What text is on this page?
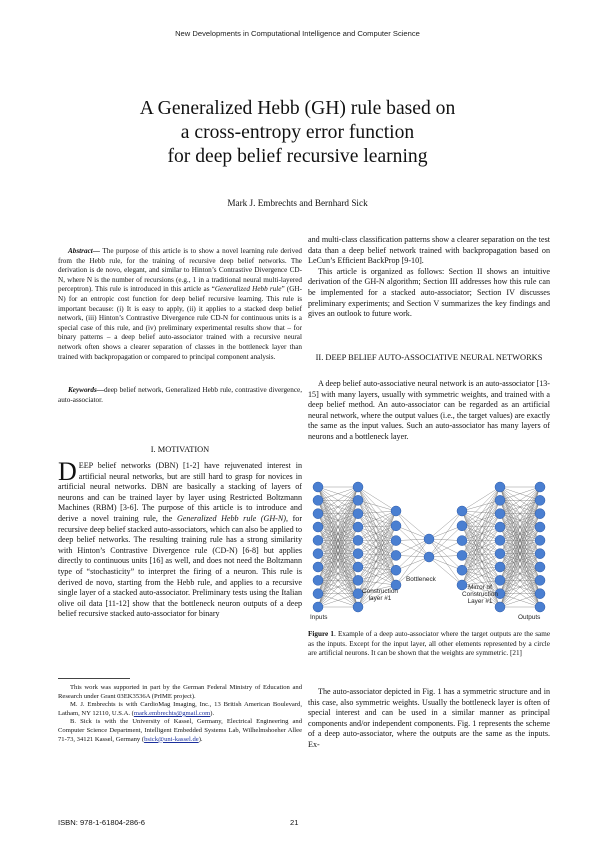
New Developments in Computational Intelligence and Computer Science
A Generalized Hebb (GH) rule based on
a cross-entropy error function
for deep belief recursive learning
Mark J. Embrechts and Bernhard Sick
Abstract— The purpose of this article is to show a novel learning rule derived from the Hebb rule, for the training of recursive deep belief networks. The derivation is de novo, elegant, and similar to Hinton’s Contrastive Divergence CD-N, where N is the number of recursions (e.g., 1 in a traditional neural multi-layered perceptron). This rule is introduced in this article as “Generalized Hebb rule” (GH-N) for an entropic cost function for deep belief recursive learning. This rule is important because: (i) It is easy to apply, (ii) it applies to a stacked deep belief network, (iii) Hinton’s Contrastive Divergence rule CD-N for continuous units is a special case of this rule, and (iv) preliminary experimental results show that – for binary patterns – a deep belief auto-associator trained with a recursive neural network often shows a clearer separation of classes in the bottleneck layer than trained with backpropagation or compared to principal component analysis.
Keywords—deep belief network, Generalized Hebb rule, contrastive divergence, auto-associator.
I. MOTIVATION
DEEP belief networks (DBN) [1-2] have rejuvenated interest in artificial neural networks, but are still hard to grasp for novices in artificial neural networks. DBN are basically a stacking of layers of neurons and can be trained layer by layer using Restricted Boltzmann Machines (RBM) [3-6]. The purpose of this article is to introduce and derive a novel training rule, the Generalized Hebb rule (GH-N), for recursive deep belief stacked auto-associators, which can also be applied to deep belief networks. The resulting training rule has a strong similarity with Hinton’s Contrastive Divergence rule (CD-N) [6-8] but applies directly to continuous units [16] as well, and does not need the Boltzmann type of “stochasticity” to interpret the firing of a neuron. This rule is derived de novo, starting from the Hebb rule, and applies to a recursive single layer of a stacked auto-associator. Preliminary tests using the Italian olive oil data [11-12] show that the bottleneck neuron outputs of a deep belief recursive stacked auto-associator for binary

This work was supported in part by the German Federal Ministry of Education and Research under Grant 03EK3536A (PrIME project).

M. J. Embrechts is with CardioMag Imaging, Inc., 13 British American Boulevard, Latham, NY 12110, U.S.A. (mark.embrechts@gmail.com).

B. Sick is with the University of Kassel, Germany, Electrical Engineering and Computer Science Department, Intelligent Embedded Systems Lab, Wilhelmshoeher Allee 71-73, 34121 Kassel, Germany (bsick@uni-kassel.de).

and multi-class classification patterns show a clearer separation on the test data than a deep belief network trained with backpropagation based on LeCun’s Efficient BackProp [9-10].

This article is organized as follows: Section II shows an intuitive derivation of the GH-N algorithm; Section III addresses how this rule can be implemented for a stacked auto-associator; Section IV discusses preliminary experiments; and Section V summarizes the key findings and gives an outlook to future work.

II. DEEP BELIEF AUTO-ASSOCIATIVE NEURAL NETWORKS

A deep belief auto-associative neural network is an auto-associator [13-15] with many layers, usually with symmetric weights, and trained with a deep belief method. An auto-associator can be regarded as an artificial neural network, where the output values (i.e., the target values) are exactly the same as the input values. Such an auto-associator has many layers of neurons and a bottleneck layer.

Inputs
Bottleneck
Outputs
Construction
layer #1
Mirror of
Construction
Layer #1
Figure 1. Example of a deep auto-associator where the target outputs are the same as the inputs. Except for the input layer, all other elements represented by a circle are artificial neurons. It can be shown that the weights are symmetric. [21]

The auto-associator depicted in Fig. 1 has a symmetric structure and in this case, also symmetric weights. Usually the bottleneck layer is often of special interest and can be used in a similar manner as principal components and/or independent components. Fig. 1 represents the scheme of a deep auto-associator, where the outputs are the same as the inputs. Ex-

ISBN: 978-1-61804-286-6	21
